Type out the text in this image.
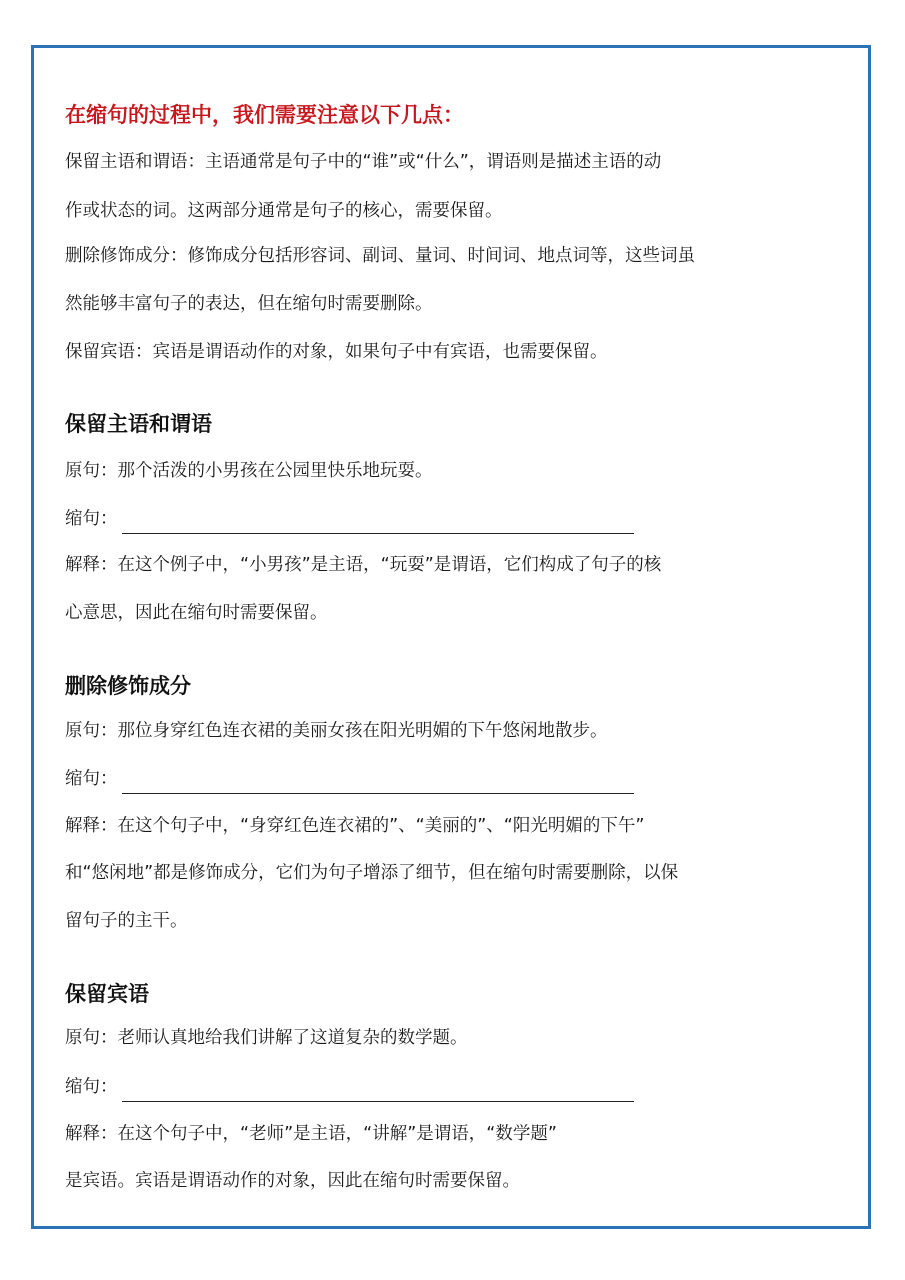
在缩句的过程中，我们需要注意以下几点：
保留主语和谓语：主语通常是句子中的“谁”或“什么”，谓语则是描述主语的动
作或状态的词。这两部分通常是句子的核心，需要保留。
删除修饰成分：修饰成分包括形容词、副词、量词、时间词、地点词等，这些词虽
然能够丰富句子的表达，但在缩句时需要删除。
保留宾语：宾语是谓语动作的对象，如果句子中有宾语，也需要保留。
保留主语和谓语
原句：那个活泼的小男孩在公园里快乐地玩耍。
缩句：
解释：在这个例子中，“小男孩”是主语，“玩耍”是谓语，它们构成了句子的核
心意思，因此在缩句时需要保留。
删除修饰成分
原句：那位身穿红色连衣裙的美丽女孩在阳光明媚的下午悠闲地散步。
缩句：
解释：在这个句子中，“身穿红色连衣裙的”、“美丽的”、“阳光明媚的下午”
和“悠闲地”都是修饰成分，它们为句子增添了细节，但在缩句时需要删除，以保
留句子的主干。
保留宾语
原句：老师认真地给我们讲解了这道复杂的数学题。
缩句：
解释：在这个句子中，“老师”是主语，“讲解”是谓语，“数学题”
是宾语。宾语是谓语动作的对象，因此在缩句时需要保留。
